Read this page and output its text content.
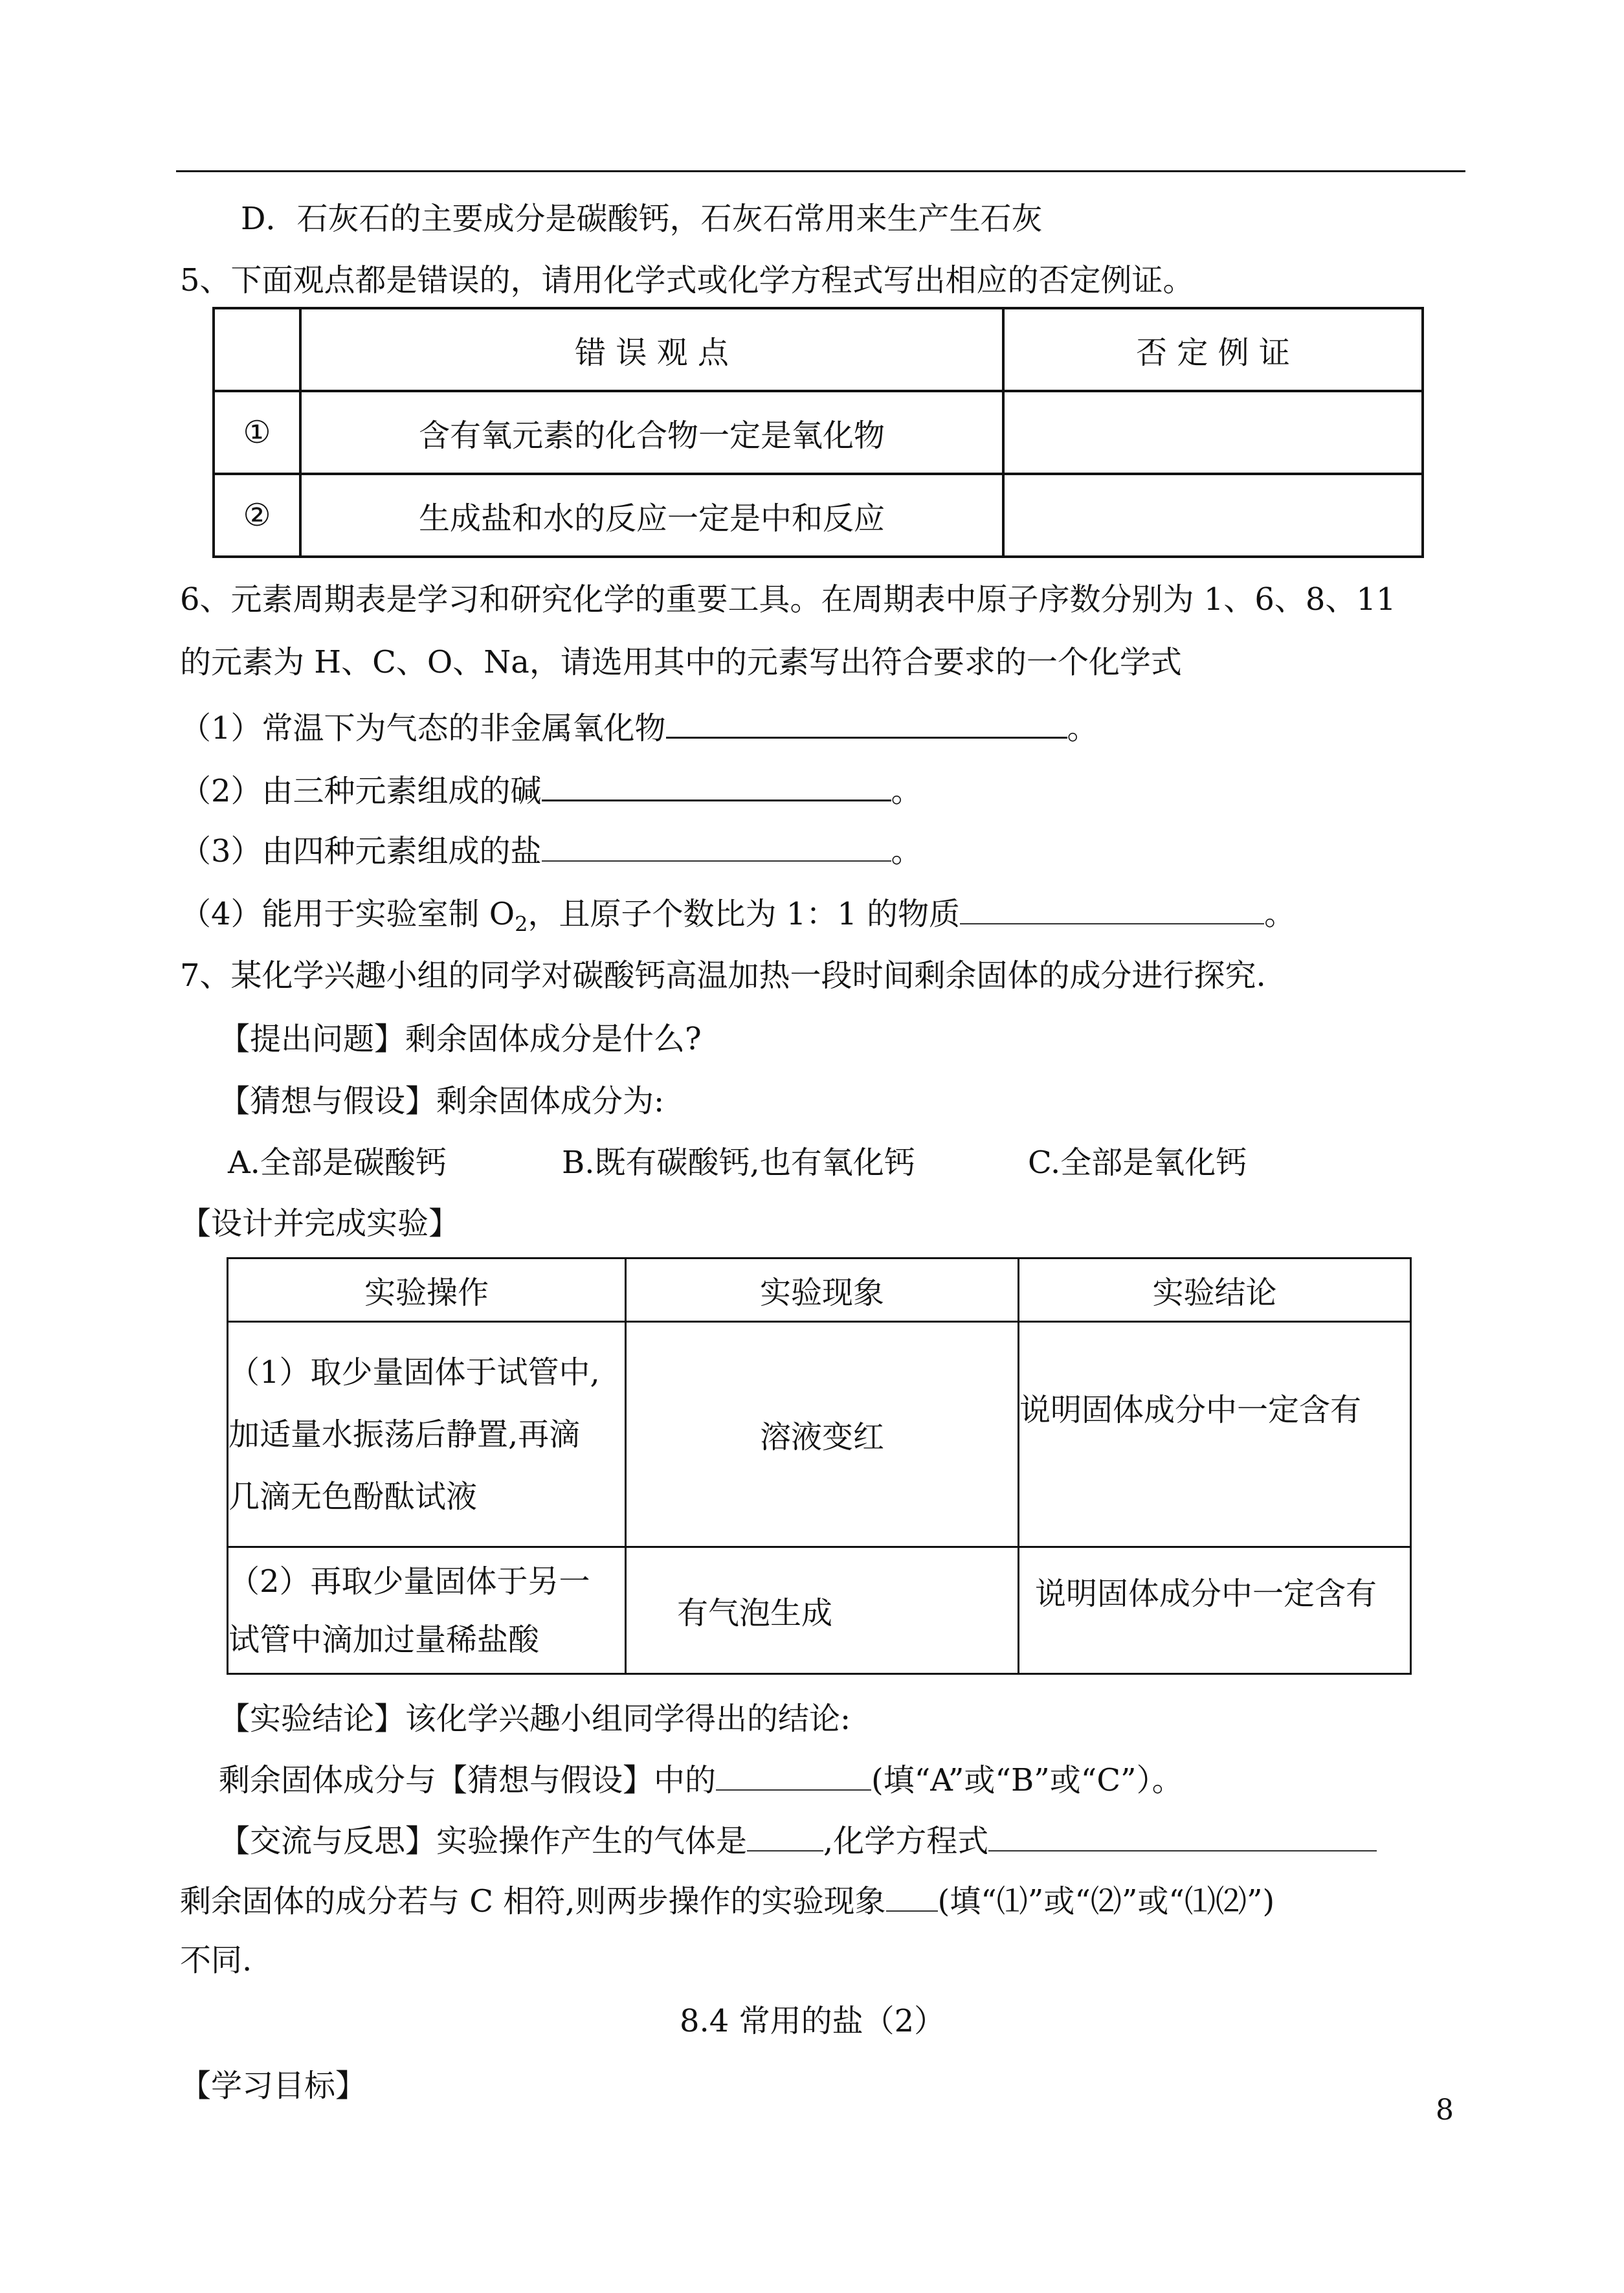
D．石灰石的主要成分是碳酸钙，石灰石常用来生产生石灰
5、下面观点都是错误的，请用化学式或化学方程式写出相应的否定例证。
	错 误 观 点	否 定 例 证
①	含有氧元素的化合物一定是氧化物	
②	生成盐和水的反应一定是中和反应	
6、元素周期表是学习和研究化学的重要工具。在周期表中原子序数分别为 1、6、8、11
的元素为 H、C、O、Na，请选用其中的元素写出符合要求的一个化学式
（1）常温下为气态的非金属氧化物	。
（2）由三种元素组成的碱	。
（3）由四种元素组成的盐	。
（4）能用于实验室制 $O_2$，且原子个数比为 1：1 的物质	。
7、某化学兴趣小组的同学对碳酸钙高温加热一段时间剩余固体的成分进行探究.
【提出问题】剩余固体成分是什么?
【猜想与假设】剩余固体成分为:
A.全部是碳酸钙	B.既有碳酸钙,也有氧化钙	C.全部是氧化钙
【设计并完成实验】
实验操作	实验现象	实验结论

（1）取少量固体于试管中,
加适量水振荡后静置,再滴
几滴无色酚酞试液	溶液变红	说明固体成分中一定含有

（2）再取少量固体于另一
试管中滴加过量稀盐酸	有气泡生成	说明固体成分中一定含有
【实验结论】该化学兴趣小组同学得出的结论:
剩余固体成分与【猜想与假设】中的	(填“A”或“B”或“C”）。
【交流与反思】实验操作产生的气体是 ,化学方程式
剩余固体的成分若与 C 相符,则两步操作的实验现象 (填“⑴”或“⑵”或“⑴⑵”)
不同.
8.4 常用的盐（2）
【学习目标】
8
